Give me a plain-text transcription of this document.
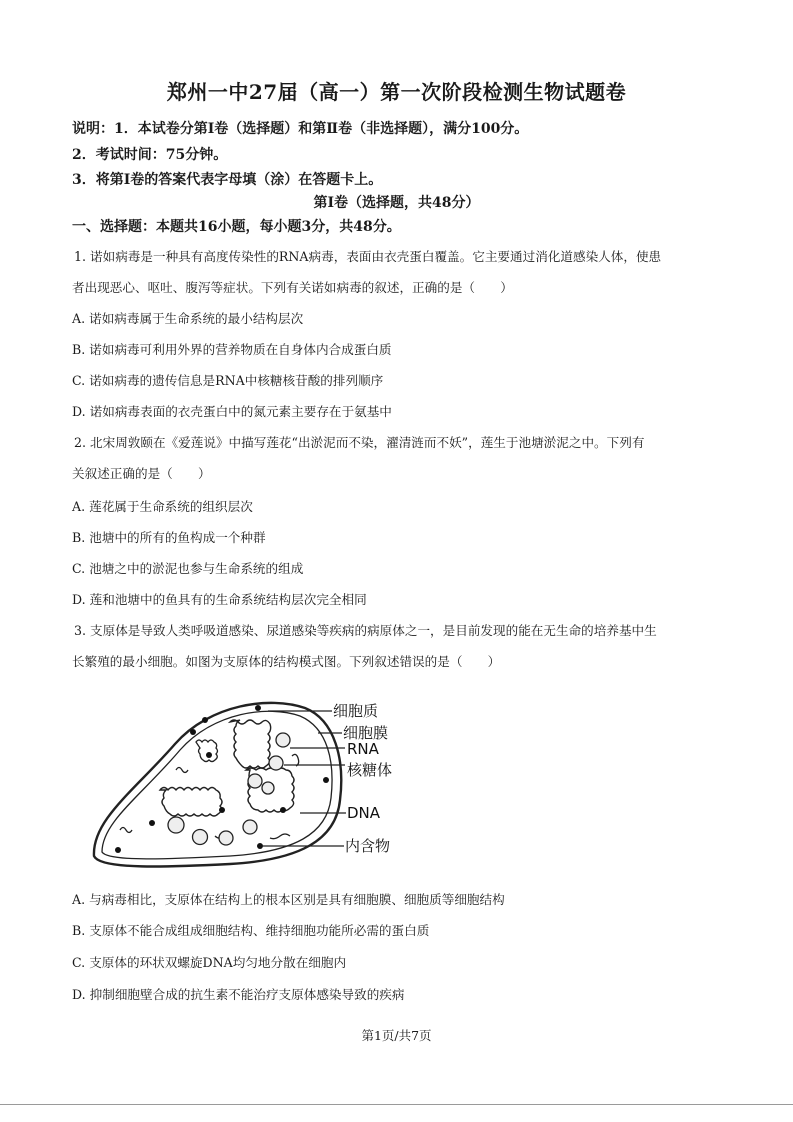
郑州一中27届（高一）第一次阶段检测生物试题卷
说明：1．本试卷分第Ⅰ卷（选择题）和第Ⅱ卷（非选择题），满分100分。
2．考试时间：75分钟。
3．将第Ⅰ卷的答案代表字母填（涂）在答题卡上。
第Ⅰ卷（选择题，共48分）
一、选择题：本题共16小题，每小题3分，共48分。
1. 诺如病毒是一种具有高度传染性的RNA病毒，表面由衣壳蛋白覆盖。它主要通过消化道感染人体，使患
者出现恶心、呕吐、腹泻等症状。下列有关诺如病毒的叙述，正确的是（　　）
A. 诺如病毒属于生命系统的最小结构层次
B. 诺如病毒可利用外界的营养物质在自身体内合成蛋白质
C. 诺如病毒的遗传信息是RNA中核糖核苷酸的排列顺序
D. 诺如病毒表面的衣壳蛋白中的氮元素主要存在于氨基中
2. 北宋周敦颐在《爱莲说》中描写莲花“出淤泥而不染，濯清涟而不妖”，莲生于池塘淤泥之中。下列有
关叙述正确的是（　　）
A. 莲花属于生命系统的组织层次
B. 池塘中的所有的鱼构成一个种群
C. 池塘之中的淤泥也参与生命系统的组成
D. 莲和池塘中的鱼具有的生命系统结构层次完全相同
3. 支原体是导致人类呼吸道感染、尿道感染等疾病的病原体之一，是目前发现的能在无生命的培养基中生
长繁殖的最小细胞。如图为支原体的结构模式图。下列叙述错误的是（　　）
细胞质
细胞膜
RNA
核糖体
DNA
内含物
A. 与病毒相比，支原体在结构上的根本区别是具有细胞膜、细胞质等细胞结构
B. 支原体不能合成组成细胞结构、维持细胞功能所必需的蛋白质
C. 支原体的环状双螺旋DNA均匀地分散在细胞内
D. 抑制细胞壁合成的抗生素不能治疗支原体感染导致的疾病
第1页/共7页
